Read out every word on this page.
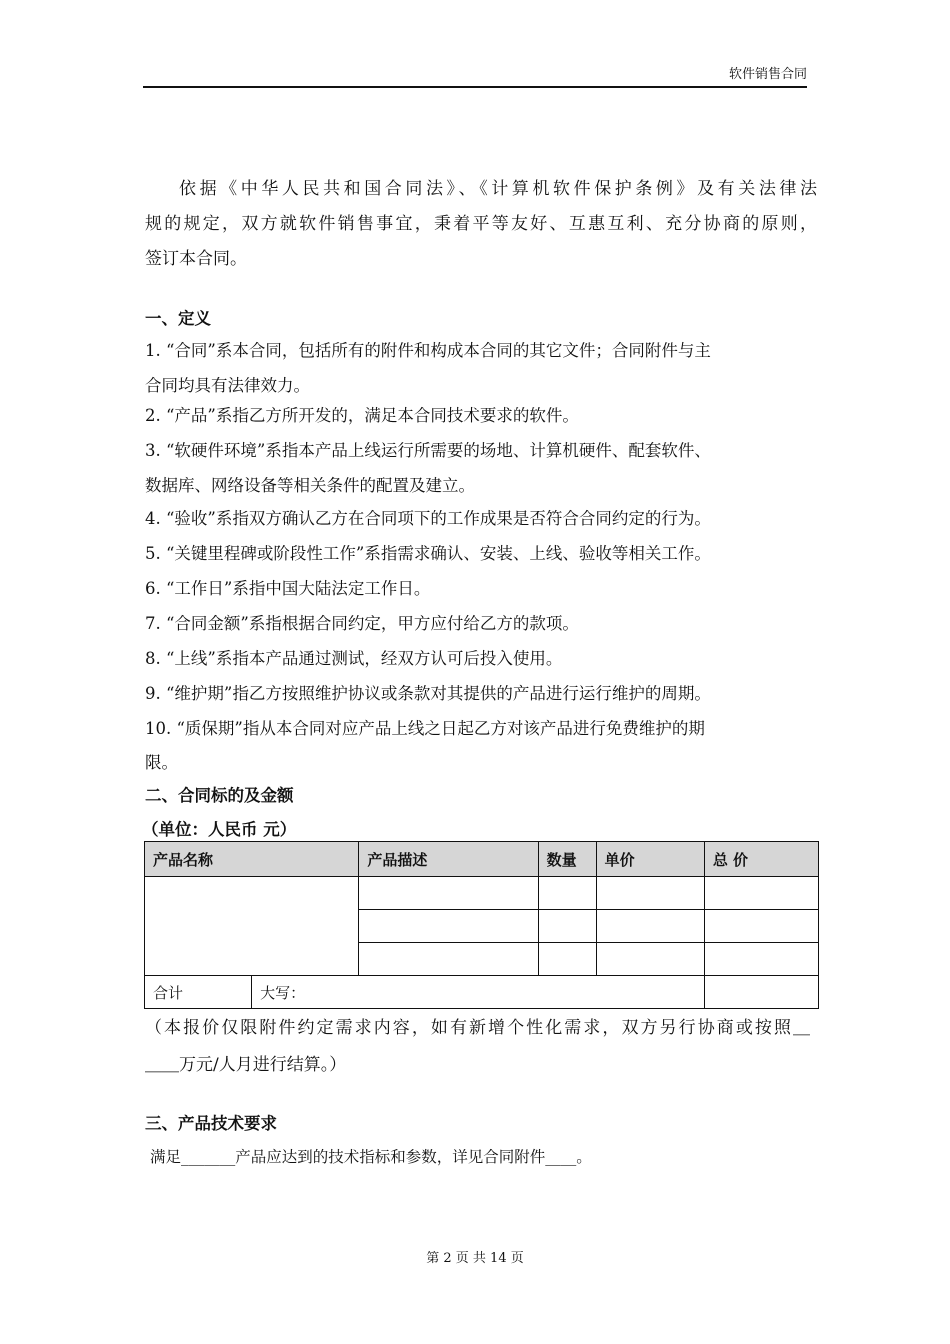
软件销售合同
依据《中华人民共和国合同法》、《计算机软件保护条例》及有关法律法
规的规定，双方就软件销售事宜，秉着平等友好、互惠互利、充分协商的原则，
签订本合同。
一、定义
1. “合同”系本合同，包括所有的附件和构成本合同的其它文件；合同附件与主
合同均具有法律效力。
2. “产品”系指乙方所开发的，满足本合同技术要求的软件。
3. “软硬件环境”系指本产品上线运行所需要的场地、计算机硬件、配套软件、
数据库、网络设备等相关条件的配置及建立。
4. “验收”系指双方确认乙方在合同项下的工作成果是否符合合同约定的行为。
5. “关键里程碑或阶段性工作”系指需求确认、安装、上线、验收等相关工作。
6. “工作日”系指中国大陆法定工作日。
7. “合同金额”系指根据合同约定，甲方应付给乙方的款项。
8. “上线”系指本产品通过测试，经双方认可后投入使用。
9. “维护期”指乙方按照维护协议或条款对其提供的产品进行运行维护的周期。
10. “质保期”指从本合同对应产品上线之日起乙方对该产品进行免费维护的期
限。
二、合同标的及金额
（单位：人民币 元）
产品名称		产品描述	数量	单价	总 价

合计	大写：				
（本报价仅限附件约定需求内容，如有新增个性化需求，双方另行协商或按照＿
＿＿万元/人月进行结算。）
三、产品技术要求
满足_______产品应达到的技术指标和参数，详见合同附件____。
第 2 页 共 14 页
